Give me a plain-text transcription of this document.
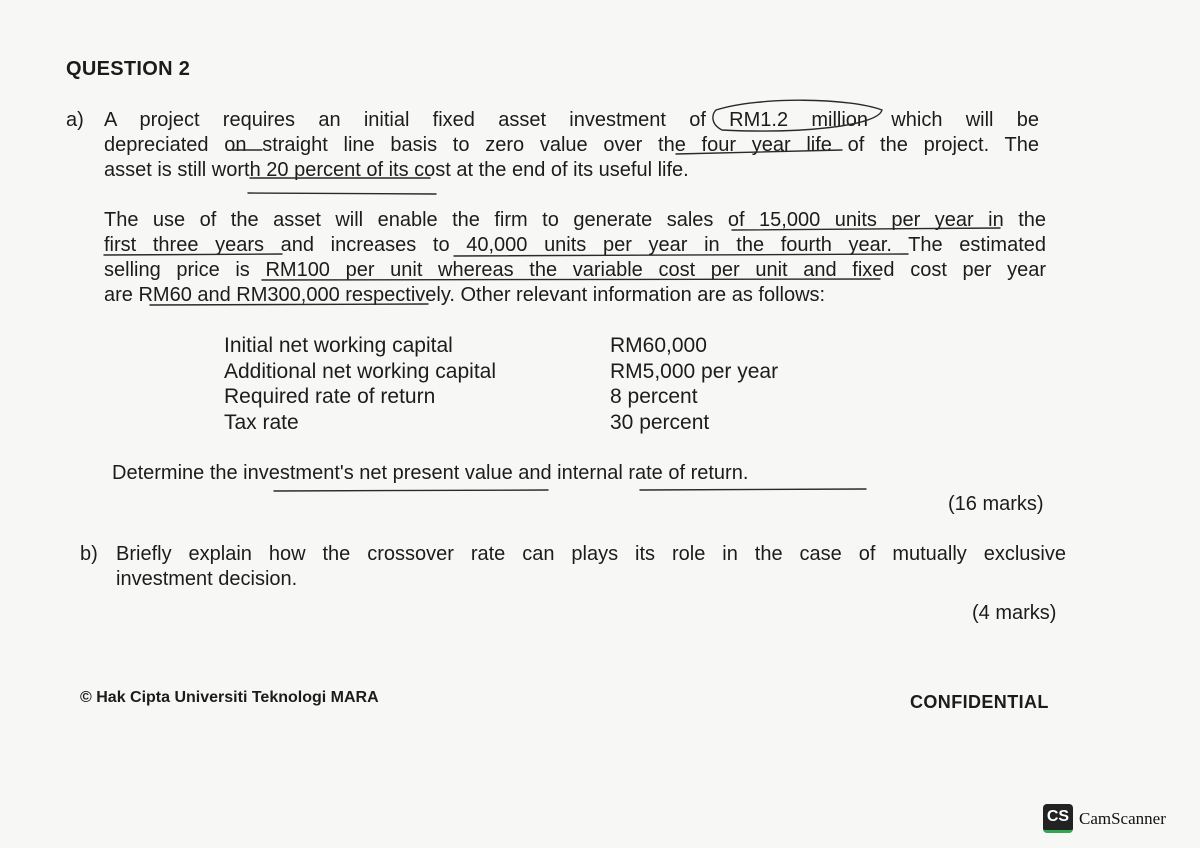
QUESTION 2
a) A project requires an initial fixed asset investment of RM1.2 million which will be
depreciated on straight line basis to zero value over the four year life of the project. The
asset is still worth 20 percent of its cost at the end of its useful life.
The use of the asset will enable the firm to generate sales of 15,000 units per year in the
first three years and increases to 40,000 units per year in the fourth year. The estimated
selling price is RM100 per unit whereas the variable cost per unit and fixed cost per year
are RM60 and RM300,000 respectively. Other relevant information are as follows:
Initial net working capital	RM60,000
Additional net working capital	RM5,000 per year
Required rate of return	8 percent
Tax rate	30 percent
Determine the investment's net present value and internal rate of return.
(16 marks)
b) Briefly explain how the crossover rate can plays its role in the case of mutually exclusive
investment decision.
(4 marks)
© Hak Cipta Universiti Teknologi MARA	CONFIDENTIAL
CS CamScanner
